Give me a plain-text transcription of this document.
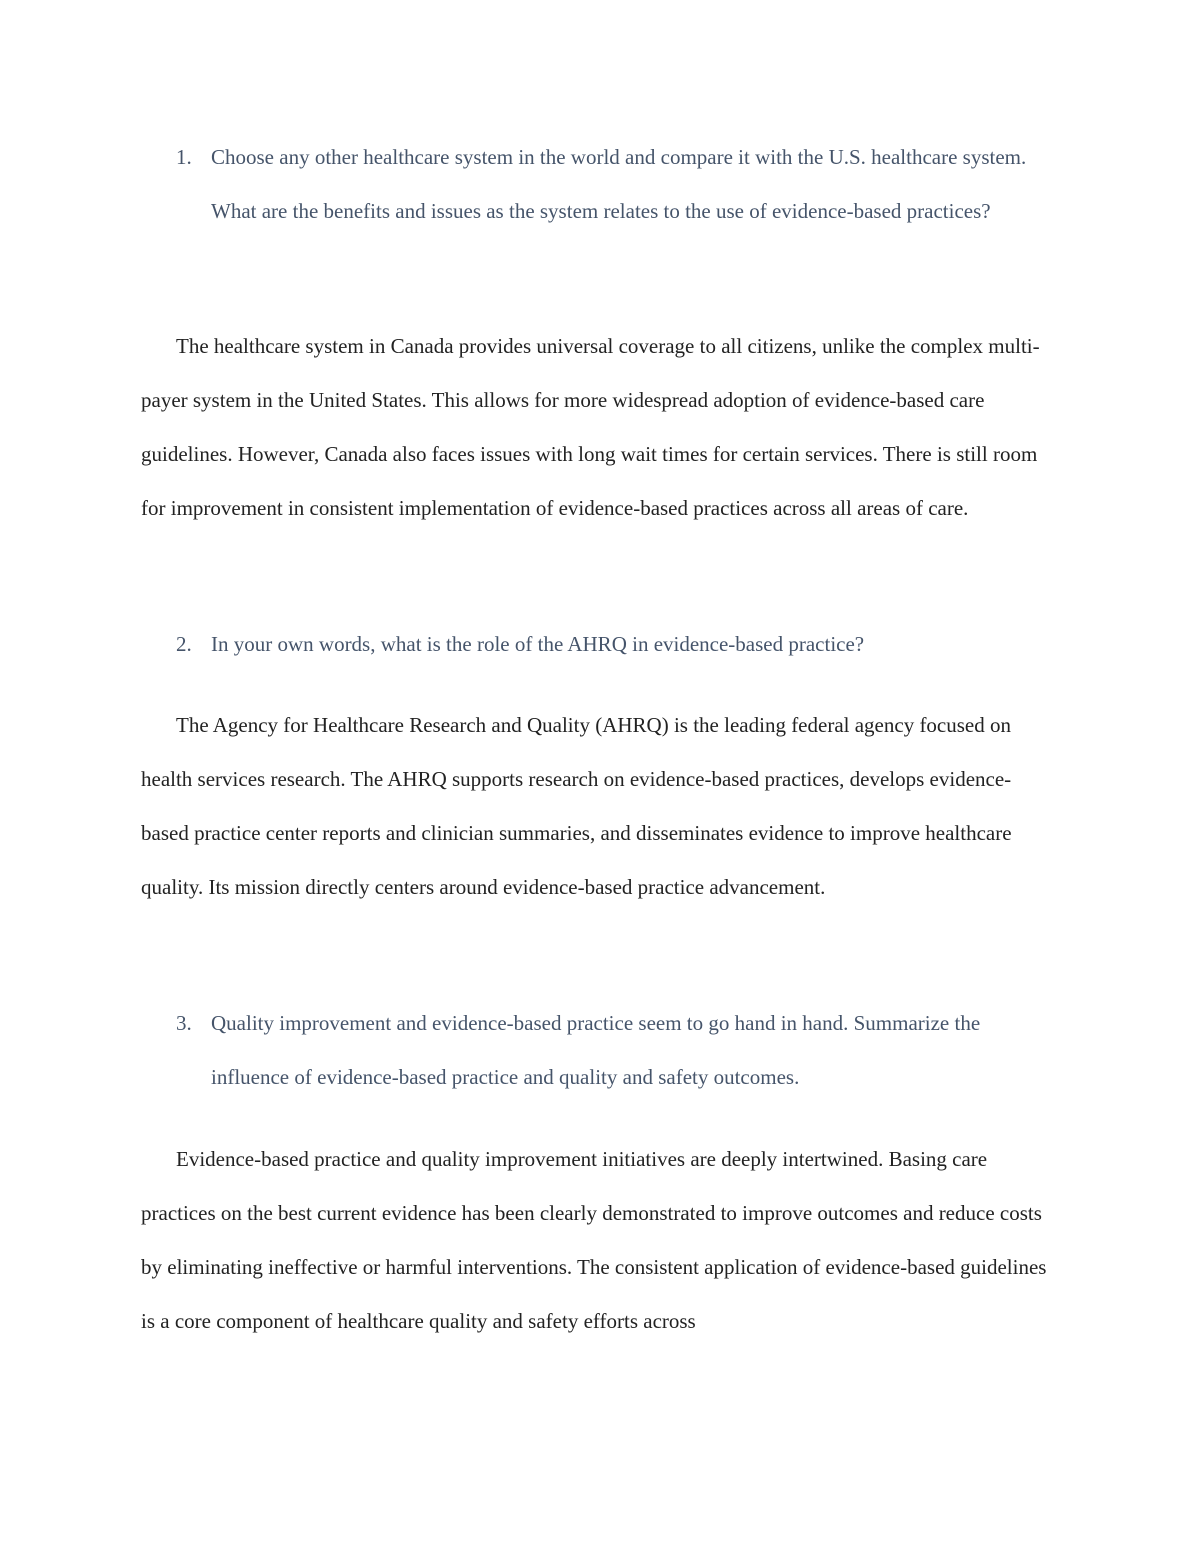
1. Choose any other healthcare system in the world and compare it with the U.S. healthcare system. What are the benefits and issues as the system relates to the use of evidence-based practices?
The healthcare system in Canada provides universal coverage to all citizens, unlike the complex multi-payer system in the United States. This allows for more widespread adoption of evidence-based care guidelines. However, Canada also faces issues with long wait times for certain services. There is still room for improvement in consistent implementation of evidence-based practices across all areas of care.
2. In your own words, what is the role of the AHRQ in evidence-based practice?
The Agency for Healthcare Research and Quality (AHRQ) is the leading federal agency focused on health services research. The AHRQ supports research on evidence-based practices, develops evidence-based practice center reports and clinician summaries, and disseminates evidence to improve healthcare quality. Its mission directly centers around evidence-based practice advancement.
3. Quality improvement and evidence-based practice seem to go hand in hand. Summarize the influence of evidence-based practice and quality and safety outcomes.
Evidence-based practice and quality improvement initiatives are deeply intertwined. Basing care practices on the best current evidence has been clearly demonstrated to improve outcomes and reduce costs by eliminating ineffective or harmful interventions. The consistent application of evidence-based guidelines is a core component of healthcare quality and safety efforts across
